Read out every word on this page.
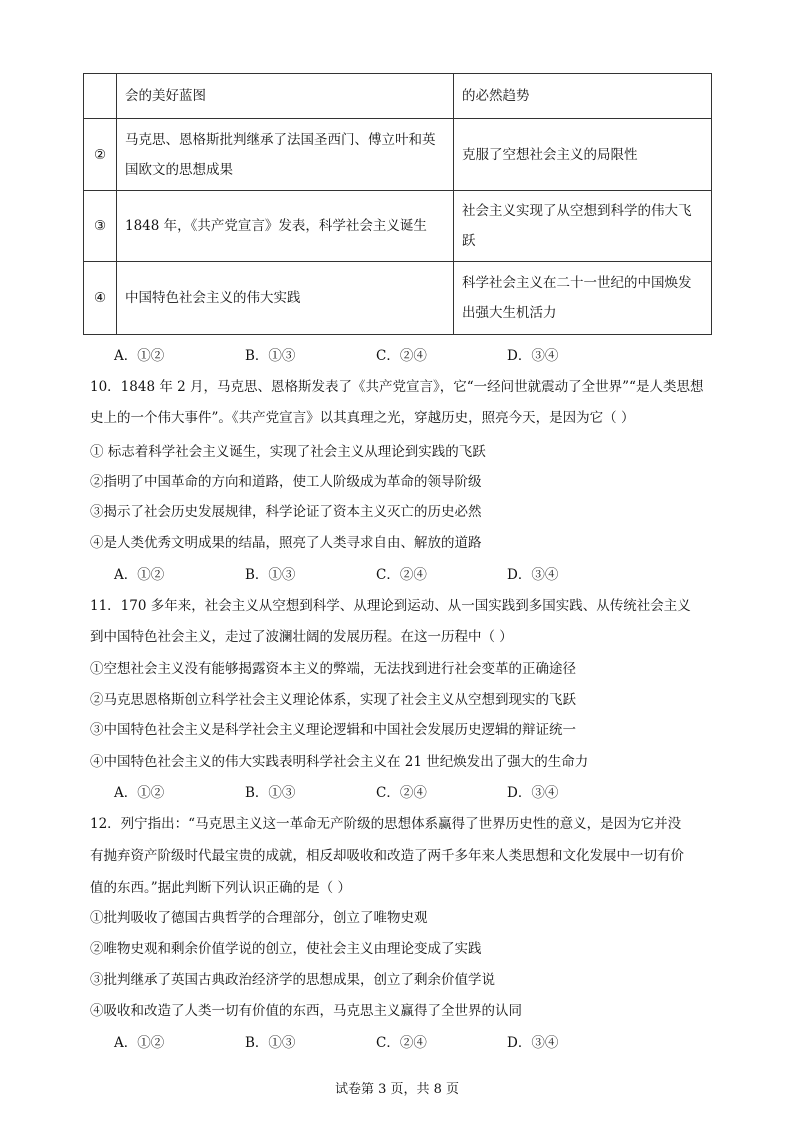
	会的美好蓝图	的必然趋势
②	马克思、恩格斯批判继承了法国圣西门、傅立叶和英国欧文的思想成果	克服了空想社会主义的局限性
③	1848 年，《共产党宣言》发表，科学社会主义诞生	社会主义实现了从空想到科学的伟大飞跃
④	中国特色社会主义的伟大实践	科学社会主义在二十一世纪的中国焕发出强大生机活力
A．①②	B．①③	C．②④	D．③④
10．1848 年 2 月，马克思、恩格斯发表了《共产党宣言》，它“一经问世就震动了全世界”“是人类思想
史上的一个伟大事件”。《共产党宣言》以其真理之光，穿越历史，照亮今天，是因为它（ ）
① 标志着科学社会主义诞生，实现了社会主义从理论到实践的飞跃
②指明了中国革命的方向和道路，使工人阶级成为革命的领导阶级
③揭示了社会历史发展规律，科学论证了资本主义灭亡的历史必然
④是人类优秀文明成果的结晶，照亮了人类寻求自由、解放的道路
A．①②	B．①③	C．②④	D．③④
11．170 多年来，社会主义从空想到科学、从理论到运动、从一国实践到多国实践、从传统社会主义
到中国特色社会主义，走过了波澜壮阔的发展历程。在这一历程中（ ）
①空想社会主义没有能够揭露资本主义的弊端，无法找到进行社会变革的正确途径
②马克思恩格斯创立科学社会主义理论体系，实现了社会主义从空想到现实的飞跃
③中国特色社会主义是科学社会主义理论逻辑和中国社会发展历史逻辑的辩证统一
④中国特色社会主义的伟大实践表明科学社会主义在 21 世纪焕发出了强大的生命力
A．①②	B．①③	C．②④	D．③④
12．列宁指出：“马克思主义这一革命无产阶级的思想体系赢得了世界历史性的意义，是因为它并没
有抛弃资产阶级时代最宝贵的成就，相反却吸收和改造了两千多年来人类思想和文化发展中一切有价
值的东西。”据此判断下列认识正确的是（ ）
①批判吸收了德国古典哲学的合理部分，创立了唯物史观
②唯物史观和剩余价值学说的创立，使社会主义由理论变成了实践
③批判继承了英国古典政治经济学的思想成果，创立了剩余价值学说
④吸收和改造了人类一切有价值的东西，马克思主义赢得了全世界的认同
A．①②	B．①③	C．②④	D．③④
试卷第 3 页，共 8 页
